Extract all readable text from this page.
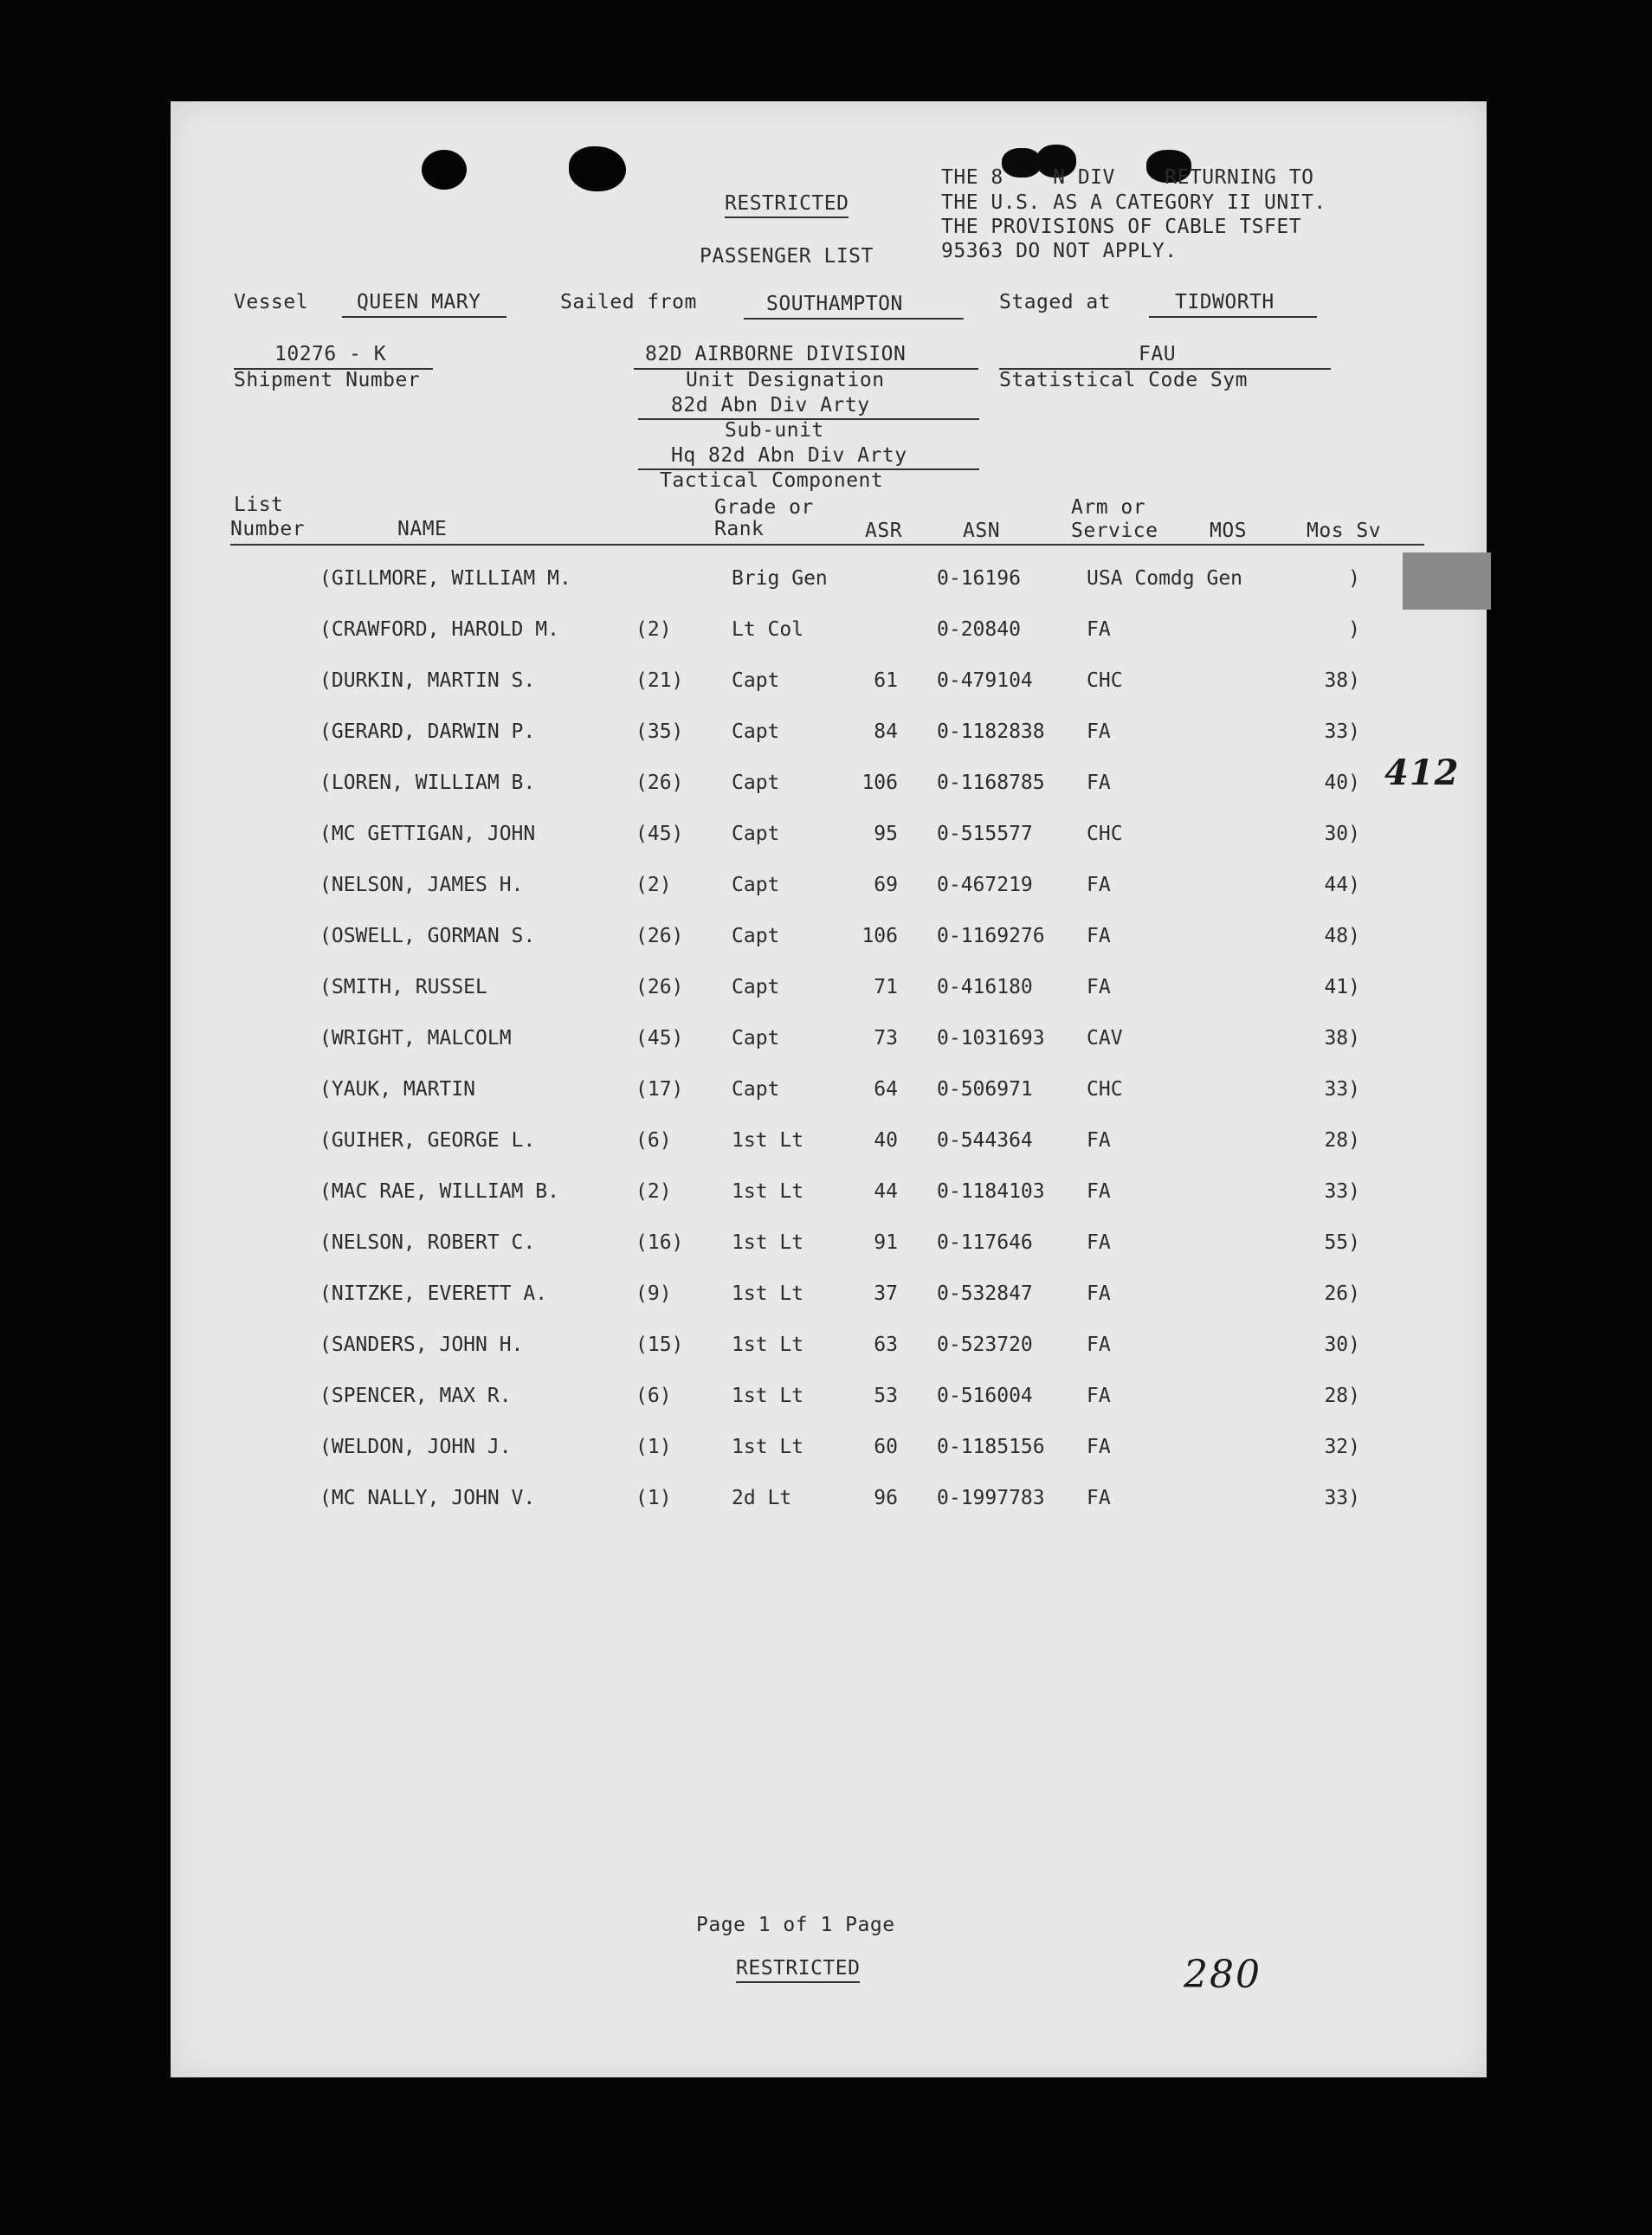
RESTRICTED
PASSENGER LIST
THE 8    N DIV    RETURNING TO
THE U.S. AS A CATEGORY II UNIT.
THE PROVISIONS OF CABLE TSFET
95363 DO NOT APPLY.
Vessel QUEEN MARY	Sailed from	SOUTHAMPTON	Staged at	TIDWORTH
10276 - K
Shipment Number
82D AIRBORNE DIVISION
Unit Designation
82d Abn Div Arty
Sub-unit
Hq 82d Abn Div Arty
Tactical Component
FAU
Statistical Code Sym
List
Number	NAME
Grade or
Rank	ASR	ASN
Arm or
Service	MOS	Mos Sv
(GILLMORE, WILLIAM M.	Brig Gen	0-16196	USA Comdg Gen	)
(CRAWFORD, HAROLD M.	(2)	Lt Col	0-20840	FA	)
(DURKIN, MARTIN S.	(21)	Capt	61 0-479104	CHC	38)
(GERARD, DARWIN P.	(35)	Capt	84 0-1182838 FA	33)
(LOREN, WILLIAM B.	(26)	Capt	106 0-1168785 FA	40)
(MC GETTIGAN, JOHN	(45)	Capt	95 0-515577	CHC	30)
(NELSON, JAMES H.	(2)	Capt	69 0-467219	FA	44)
(OSWELL, GORMAN S.	(26)	Capt	106 0-1169276 FA	48)
(SMITH, RUSSEL	(26)	Capt	71 0-416180	FA	41)
(WRIGHT, MALCOLM	(45)	Capt	73 0-1031693 CAV	38)
(YAUK, MARTIN	(17)	Capt	64 0-506971	CHC	33)
(GUIHER, GEORGE L.	(6)	1st Lt	40 0-544364	FA	28)
(MAC RAE, WILLIAM B.	(2)	1st Lt	44 0-1184103 FA	33)
(NELSON, ROBERT C.	(16)	1st Lt	91 0-117646	FA	55)
(NITZKE, EVERETT A.	(9)	1st Lt	37 0-532847	FA	26)
(SANDERS, JOHN H.	(15)	1st Lt	63 0-523720	FA	30)
(SPENCER, MAX R.	(6)	1st Lt	53 0-516004	FA	28)
(WELDON, JOHN J.	(1)	1st Lt	60 0-1185156 FA	32)
(MC NALLY, JOHN V.	(1)	2d Lt	96 0-1997783 FA	33)
Page 1 of 1 Page
RESTRICTED
412
280
